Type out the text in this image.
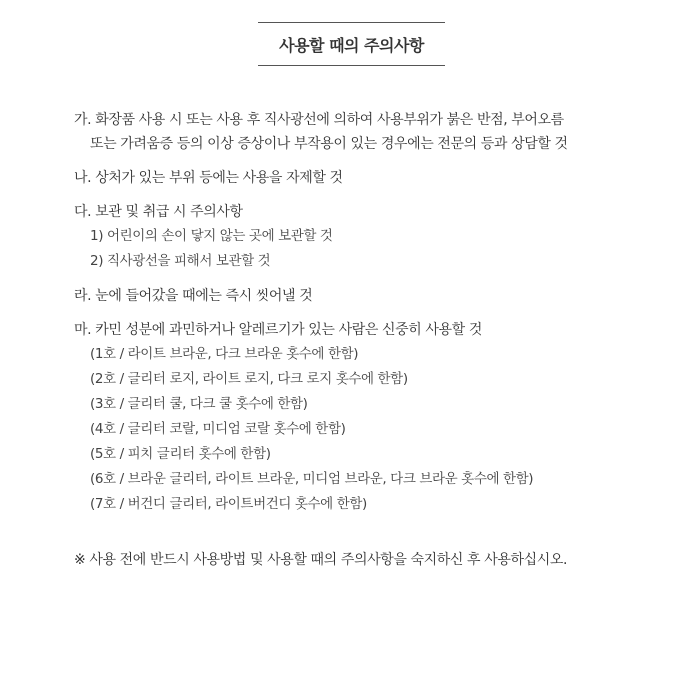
사용할 때의 주의사항
가. 화장품 사용 시 또는 사용 후 직사광선에 의하여 사용부위가 붉은 반점, 부어오름
또는 가려움증 등의 이상 증상이나 부작용이 있는 경우에는 전문의 등과 상담할 것
나. 상처가 있는 부위 등에는 사용을 자제할 것
다. 보관 및 취급 시 주의사항
1) 어린이의 손이 닿지 않는 곳에 보관할 것
2) 직사광선을 피해서 보관할 것
라. 눈에 들어갔을 때에는 즉시 씻어낼 것
마. 카민 성분에 과민하거나 알레르기가 있는 사람은 신중히 사용할 것
(1호 / 라이트 브라운, 다크 브라운 홋수에 한함)
(2호 / 글리터 로지, 라이트 로지, 다크 로지 홋수에 한함)
(3호 / 글리터 쿨, 다크 쿨 홋수에 한함)
(4호 / 글리터 코랄, 미디엄 코랄 홋수에 한함)
(5호 / 피치 글리터 홋수에 한함)
(6호 / 브라운 글리터, 라이트 브라운, 미디엄 브라운, 다크 브라운 홋수에 한함)
(7호 / 버건디 글리터, 라이트버건디 홋수에 한함)
※ 사용 전에 반드시 사용방법 및 사용할 때의 주의사항을 숙지하신 후 사용하십시오.
